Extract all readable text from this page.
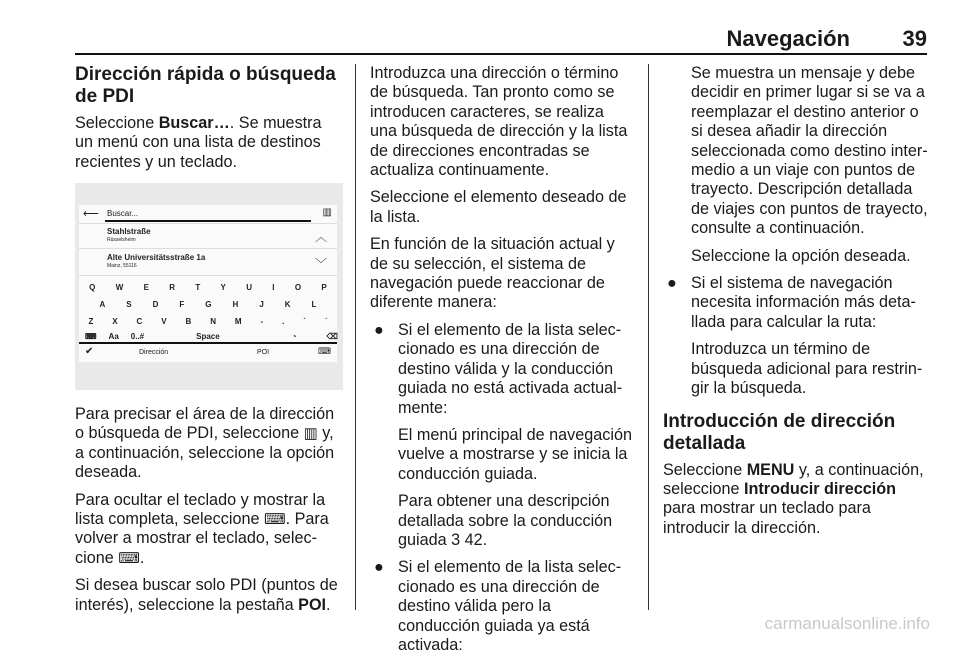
Navegación	39
Dirección rápida o búsqueda de PDI

Seleccione Buscar…. Se muestra un menú con una lista de destinos recientes y un teclado.

⟵ Buscar...	▥
Stahlstraße
Rüsselsheim	︿
Alte Universitätsstraße 1a
Mainz, 55116	﹀
Q	W	E	R	T	Y	U	I	O	P
A	S	D	F	G	H	J	K	L
Z X C V B N M - . ` ´
⌨ Aa 0..#	Space	◔	⌫
✔	Dirección	POI	⌨

Para precisar el área de la dirección o búsqueda de PDI, seleccione ▥ y, a continuación, seleccione la opción deseada.

Para ocultar el teclado y mostrar la lista completa, seleccione ⌨. Para volver a mostrar el teclado, seleccione ⌨.

Si desea buscar solo PDI (puntos de interés), seleccione la pestaña POI.

Introduzca una dirección o término de búsqueda. Tan pronto como se introducen caracteres, se realiza una búsqueda de dirección y la lista de direcciones encontradas se actualiza continuamente.

Seleccione el elemento deseado de la lista.

En función de la situación actual y de su selección, el sistema de navegación puede reaccionar de diferente manera:

● Si el elemento de la lista seleccionado es una dirección de destino válida y la conducción guiada no está activada actualmente:

El menú principal de navegación vuelve a mostrarse y se inicia la conducción guiada.

Para obtener una descripción detallada sobre la conducción guiada 3 42.

● Si el elemento de la lista seleccionado es una dirección de destino válida pero la conducción guiada ya está activada:

Se muestra un mensaje y debe decidir en primer lugar si se va a reemplazar el destino anterior o si desea añadir la dirección seleccionada como destino intermedio a un viaje con puntos de trayecto. Descripción detallada de viajes con puntos de trayecto, consulte a continuación.

Seleccione la opción deseada.

● Si el sistema de navegación necesita información más detallada para calcular la ruta:

Introduzca un término de búsqueda adicional para restringir la búsqueda.

Introducción de dirección detallada

Seleccione MENU y, a continuación, seleccione Introducir dirección para mostrar un teclado para introducir la dirección.

carmanualsonline.info
